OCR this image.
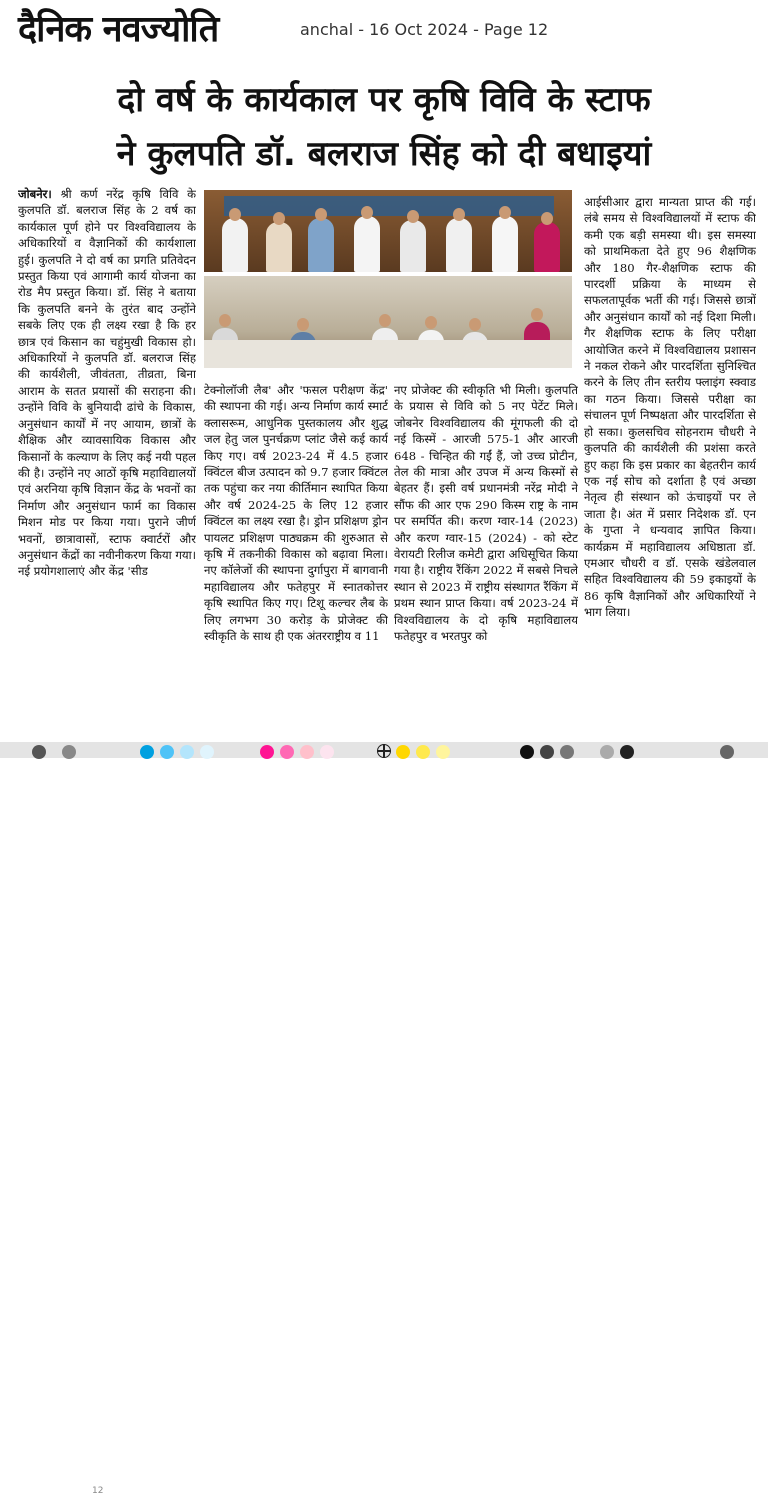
दैनिक नवज्योति	anchal - 16 Oct 2024 - Page 12
दो वर्ष के कार्यकाल पर कृषि विवि के स्टाफ
ने कुलपति डॉ. बलराज सिंह को दी बधाइयां
जोबनेर। श्री कर्ण नरेंद्र कृषि विवि के कुलपति डॉ. बलराज सिंह के 2 वर्ष का कार्यकाल पूर्ण होने पर विश्वविद्यालय के अधिकारियों व वैज्ञानिकों की कार्यशाला हुई। कुलपति ने दो वर्ष का प्रगति प्रतिवेदन प्रस्तुत किया एवं आगामी कार्य योजना का रोड मैप प्रस्तुत किया। डॉ. सिंह ने बताया कि कुलपति बनने के तुरंत बाद उन्होंने सबके लिए एक ही लक्ष्य रखा है कि हर छात्र एवं किसान का चहुंमुखी विकास हो। अधिकारियों ने कुलपति डॉ. बलराज सिंह की कार्यशैली, जीवंतता, तीव्रता, बिना आराम के सतत प्रयासों की सराहना की। उन्होंने विवि के बुनियादी ढांचे के विकास, अनुसंधान कार्यों में नए आयाम, छात्रों के शैक्षिक और व्यावसायिक विकास और किसानों के कल्याण के लिए कई नयी पहल की है। उन्होंने नए आठों कृषि महाविद्यालयों एवं अरनिया कृषि विज्ञान केंद्र के भवनों का निर्माण और अनुसंधान फार्म का विकास मिशन मोड पर किया गया। पुराने जीर्ण भवनों, छात्रावासों, स्टाफ क्वार्टरों और अनुसंधान केंद्रों का नवीनीकरण किया गया। नई प्रयोगशालाएं और केंद्र 'सीड
टेक्नोलॉजी लैब' और 'फसल परीक्षण केंद्र' की स्थापना की गई। अन्य निर्माण कार्य स्मार्ट क्लासरूम, आधुनिक पुस्तकालय और शुद्ध जल हेतु जल पुनर्चक्रण प्लांट जैसे कई कार्य किए गए। वर्ष 2023-24 में 4.5 हजार क्विंटल बीज उत्पादन को 9.7 हजार क्विंटल तक पहुंचा कर नया कीर्तिमान स्थापित किया और वर्ष 2024-25 के लिए 12 हजार क्विंटल का लक्ष्य रखा है। ड्रोन प्रशिक्षण ड्रोन पायलट प्रशिक्षण पाठ्यक्रम की शुरुआत से कृषि में तकनीकी विकास को बढ़ावा मिला। नए कॉलेजों की स्थापना दुर्गापुरा में बागवानी महाविद्यालय और फतेहपुर में स्नातकोत्तर कृषि स्थापित किए गए। टिशू कल्चर लैब के लिए लगभग 30 करोड़ के प्रोजेक्ट की स्वीकृति के साथ ही एक अंतरराष्ट्रीय व 11
नए प्रोजेक्ट की स्वीकृति भी मिली। कुलपति के प्रयास से विवि को 5 नए पेटेंट मिले। जोबनेर विश्वविद्यालय की मूंगफली की दो नई किस्में - आरजी 575-1 और आरजी 648 - चिन्हित की गईं हैं, जो उच्च प्रोटीन, तेल की मात्रा और उपज में अन्य किस्मों से बेहतर हैं। इसी वर्ष प्रधानमंत्री नरेंद्र मोदी ने सौंफ की आर एफ 290 किस्म राष्ट्र के नाम पर समर्पित की। करण ग्वार-14 (2023) और करण ग्वार-15 (2024) - को स्टेट वेरायटी रिलीज कमेटी द्वारा अधिसूचित किया गया है। राष्ट्रीय रैंकिंग 2022 में सबसे निचले स्थान से 2023 में राष्ट्रीय संस्थागत रैंकिंग में प्रथम स्थान प्राप्त किया। वर्ष 2023-24 में विश्वविद्यालय के दो कृषि महाविद्यालय फतेहपुर व भरतपुर को
आईसीआर द्वारा मान्यता प्राप्त की गई। लंबे समय से विश्वविद्यालयों में स्टाफ की कमी एक बड़ी समस्या थी। इस समस्या को प्राथमिकता देते हुए 96 शैक्षणिक और 180 गैर-शैक्षणिक स्टाफ की पारदर्शी प्रक्रिया के माध्यम से सफलतापूर्वक भर्ती की गई। जिससे छात्रों और अनुसंधान कार्यों को नई दिशा मिली। गैर शैक्षणिक स्टाफ के लिए परीक्षा आयोजित करने में विश्वविद्यालय प्रशासन ने नकल रोकने और पारदर्शिता सुनिश्चित करने के लिए तीन स्तरीय फ्लाइंग स्क्वाड का गठन किया। जिससे परीक्षा का संचालन पूर्ण निष्पक्षता और पारदर्शिता से हो सका। कुलसचिव सोहनराम चौधरी ने कुलपति की कार्यशैली की प्रशंसा करते हुए कहा कि इस प्रकार का बेहतरीन कार्य एक नई सोच को दर्शाता है एवं अच्छा नेतृत्व ही संस्थान को ऊंचाइयों पर ले जाता है। अंत में प्रसार निदेशक डॉ. एन के गुप्ता ने धन्यवाद ज्ञापित किया। कार्यक्रम में महाविद्यालय अधिष्ठाता डॉ. एमआर चौधरी व डॉ. एसके खंडेलवाल सहित विश्वविद्यालय की 59 इकाइयों के 86 कृषि वैज्ञानिकों और अधिकारियों ने भाग लिया।
12
